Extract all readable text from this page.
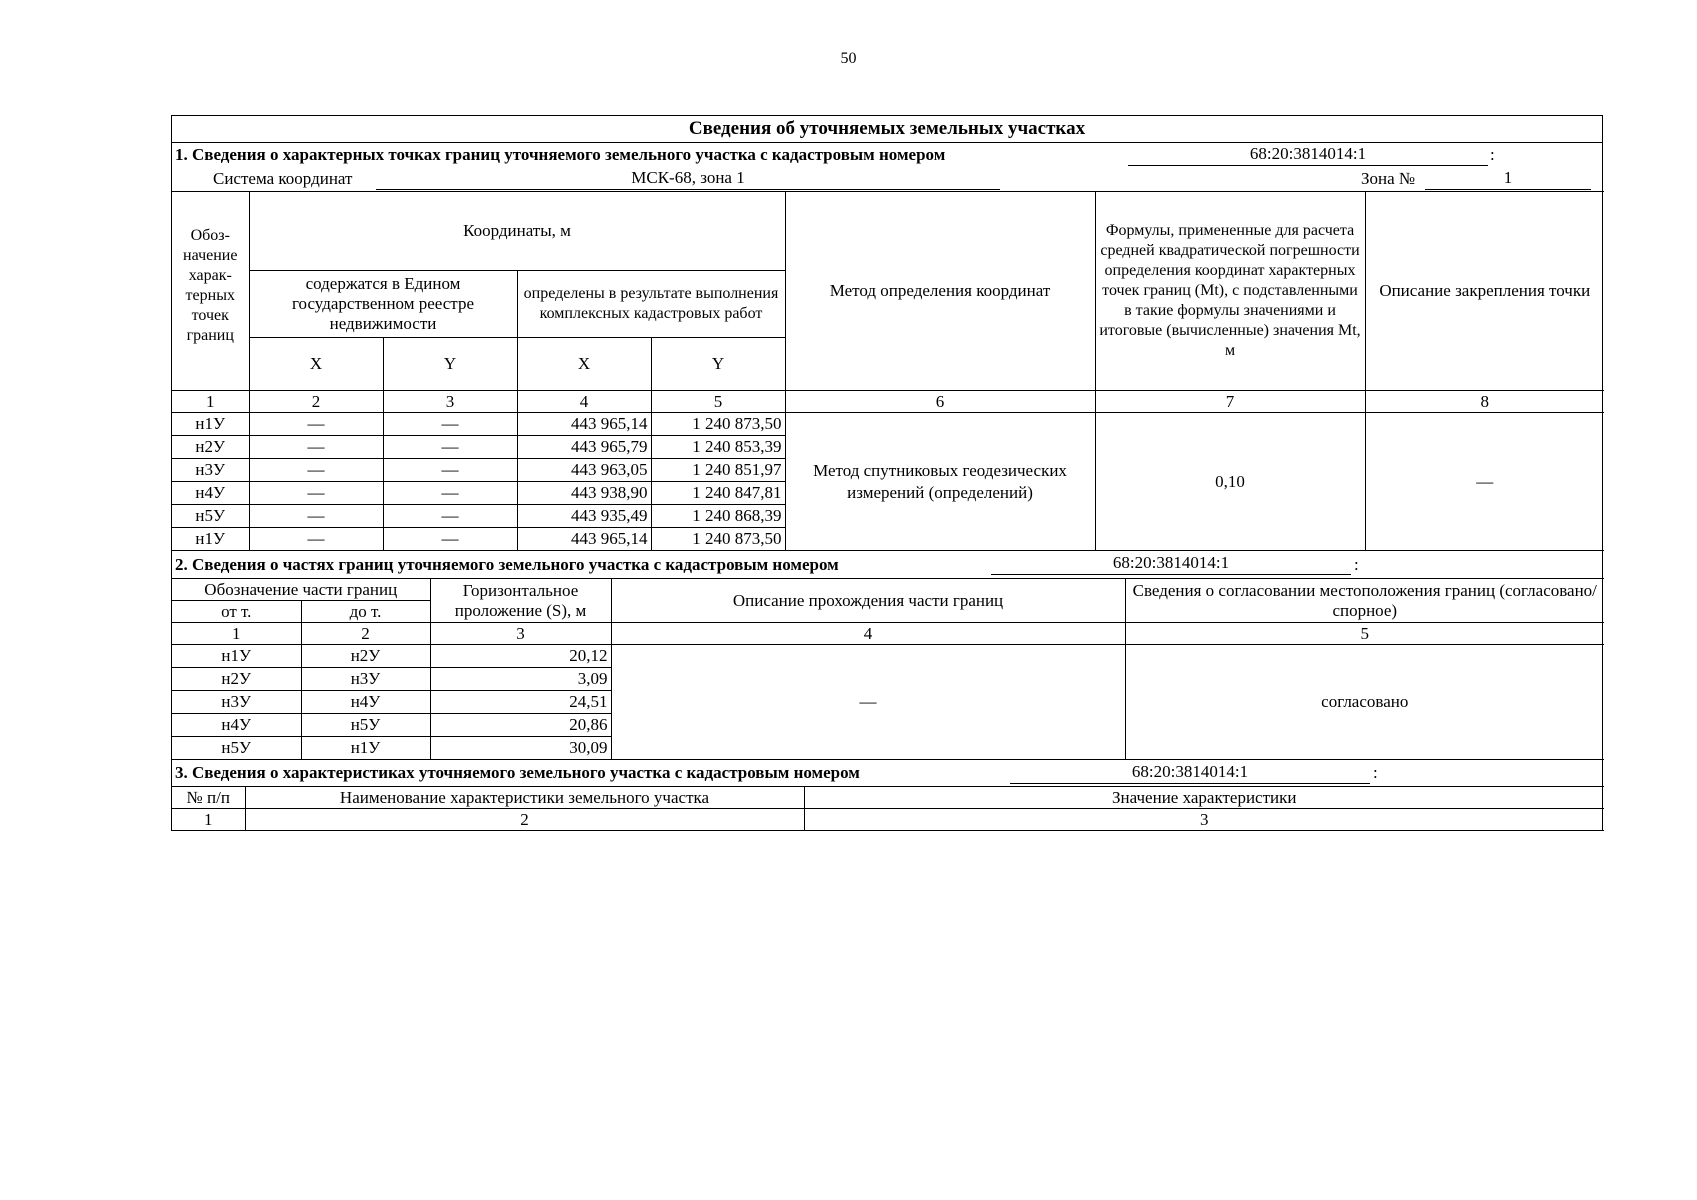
50
Сведения об уточняемых земельных участках
1. Сведения о характерных точках границ уточняемого земельного участка с кадастровым номером	68:20:3814014:1	:
Система координат	МСК-68, зона 1	Зона №	1
Обоз-начение харак-терных точек границ	Координаты, м				Метод определения координат	Формулы, примененные для расчета средней квадратической погрешности определения координат характерных точек границ (Mt), с подставленными в такие формулы значениями и итоговые (вычисленные) значения Mt, м	Описание закрепления точки
	содержатся в Едином государственном реестре недвижимости		определены в результате выполнения комплексных кадастровых работ				
	X	Y	X	Y			
1	2	3	4	5	6	7	8
н1У	—	—	443 965,14	1 240 873,50	Метод спутниковых геодезических измерений (определений)	0,10	—
н2У	—	—	443 965,79	1 240 853,39			
н3У	—	—	443 963,05	1 240 851,97			
н4У	—	—	443 938,90	1 240 847,81			
н5У	—	—	443 935,49	1 240 868,39			
н1У	—	—	443 965,14	1 240 873,50			
2. Сведения о частях границ уточняемого земельного участка с кадастровым номером	68:20:3814014:1	:
Обозначение части границ		Горизонтальное проложение (S), м	Описание прохождения части границ	Сведения о согласовании местоположения границ (согласовано/спорное)
от т.	до т.			
1	2	3	4	5
н1У	н2У	20,12	—	согласовано
н2У	н3У	3,09		
н3У	н4У	24,51		
н4У	н5У	20,86		
н5У	н1У	30,09		
3. Сведения о характеристиках уточняемого земельного участка с кадастровым номером	68:20:3814014:1	:
№ п/п	Наименование характеристики земельного участка	Значение характеристики
1	2	3
